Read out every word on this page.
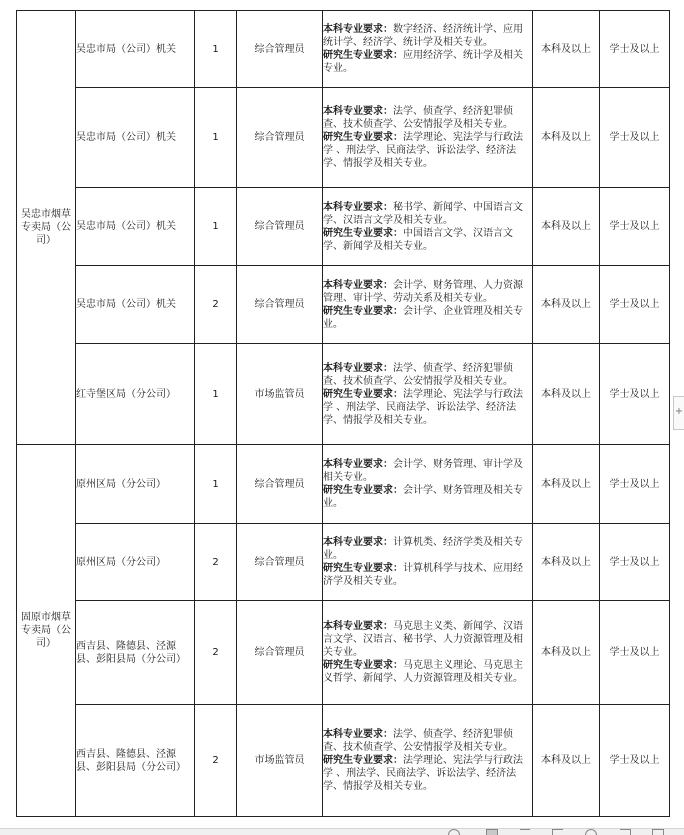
吴忠市烟草专卖局（公司）	吴忠市局（公司）机关	1	综合管理员	本科专业要求：数字经济、经济统计学、应用统计学、经济学、统计学及相关专业。
研究生专业要求：应用经济学、统计学及相关专业。	本科及以上	学士及以上
	吴忠市局（公司）机关	1	综合管理员	本科专业要求：法学、侦查学、经济犯罪侦查、技术侦查学、公安情报学及相关专业。
研究生专业要求：法学理论、宪法学与行政法学 、刑法学、民商法学、诉讼法学、经济法学、情报学及相关专业。	本科及以上	学士及以上
	吴忠市局（公司）机关	1	综合管理员	本科专业要求：秘书学、新闻学、中国语言文学、汉语言文学及相关专业。
研究生专业要求：中国语言文学、汉语言文学、新闻学及相关专业。	本科及以上	学士及以上
	吴忠市局（公司）机关	2	综合管理员	本科专业要求：会计学、财务管理、人力资源管理、审计学、劳动关系及相关专业。
研究生专业要求：会计学、企业管理及相关专业。	本科及以上	学士及以上
	红寺堡区局（分公司）	1	市场监管员	本科专业要求：法学、侦查学、经济犯罪侦查、技术侦查学、公安情报学及相关专业。
研究生专业要求：法学理论、宪法学与行政法学 、刑法学、民商法学、诉讼法学、经济法学、情报学及相关专业。	本科及以上	学士及以上
固原市烟草专卖局（公司）	原州区局（分公司）	1	综合管理员	本科专业要求：会计学、财务管理、审计学及相关专业。
研究生专业要求：会计学、财务管理及相关专业。	本科及以上	学士及以上
	原州区局（分公司）	2	综合管理员	本科专业要求：计算机类、经济学类及相关专业。
研究生专业要求：计算机科学与技术、应用经济学及相关专业。	本科及以上	学士及以上
	西吉县、隆德县、泾源县、彭阳县局（分公司）	2	综合管理员	本科专业要求：马克思主义类、新闻学、汉语言文学、汉语言、秘书学、人力资源管理及相关专业。
研究生专业要求：马克思主义理论、马克思主义哲学、新闻学、人力资源管理及相关专业。	本科及以上	学士及以上
	西吉县、隆德县、泾源县、彭阳县局（分公司）	2	市场监管员	本科专业要求：法学、侦查学、经济犯罪侦查、技术侦查学、公安情报学及相关专业。
研究生专业要求：法学理论、宪法学与行政法学 、刑法学、民商法学、诉讼法学、经济法学、情报学及相关专业。	本科及以上	学士及以上
+
